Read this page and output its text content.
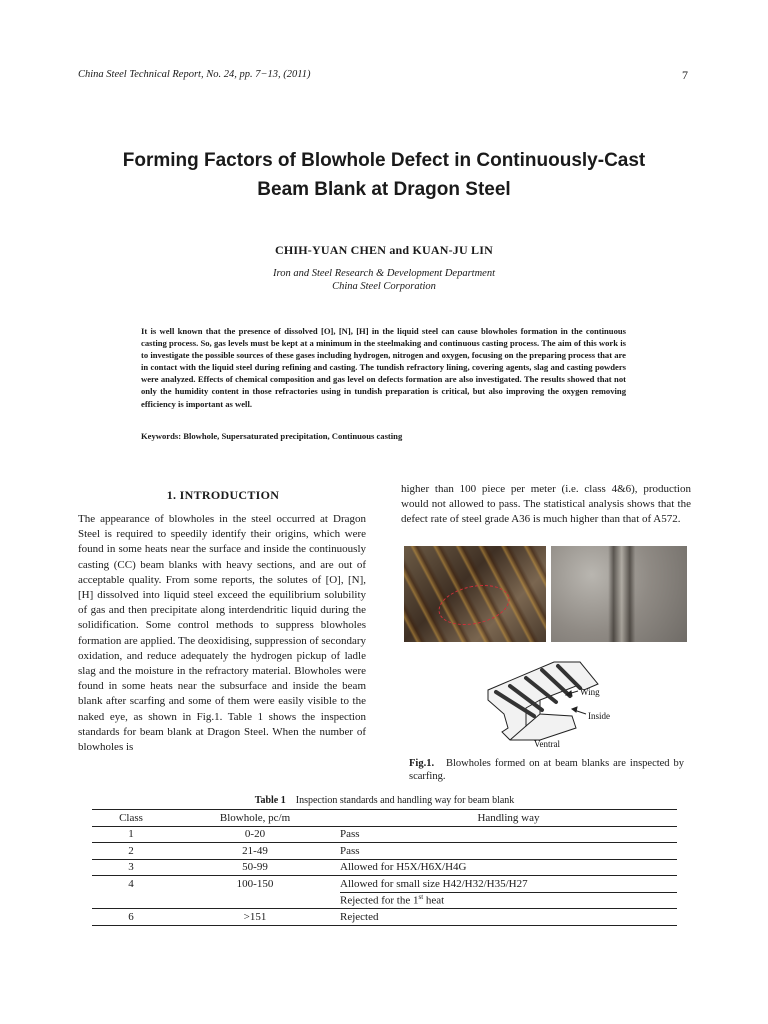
China Steel Technical Report, No. 24, pp. 7−13, (2011)	7
Forming Factors of Blowhole Defect in Continuously-Cast
Beam Blank at Dragon Steel
CHIH-YUAN CHEN and KUAN-JU LIN
Iron and Steel Research & Development Department
China Steel Corporation
It is well known that the presence of dissolved [O], [N], [H] in the liquid steel can cause blowholes formation in the continuous casting process. So, gas levels must be kept at a minimum in the steelmaking and continuous casting process. The aim of this work is to investigate the possible sources of these gases including hydrogen, nitrogen and oxygen, focusing on the preparing process that are in contact with the liquid steel during refining and casting. The tundish refractory lining, covering agents, slag and casting powders were analyzed. Effects of chemical composition and gas level on defects formation are also investigated. The results showed that not only the humidity content in those refractories using in tundish preparation is critical, but also improving the oxygen removing efficiency is important as well.
Keywords: Blowhole, Supersaturated precipitation, Continuous casting
1. INTRODUCTION
The appearance of blowholes in the steel occurred at Dragon Steel is required to speedily identify their origins, which were found in some heats near the surface and inside the continuously casting (CC) beam blanks with heavy sections, and are out of acceptable quality. From some reports, the solutes of [O], [N], [H] dissolved into liquid steel exceed the equilibrium solubility of gas and then precipitate along interdendritic liquid during the solidification. Some control methods to suppress blowholes formation are applied. The deoxidising, suppression of secondary oxidation, and reduce adequately the hydrogen pickup of ladle slag and the moisture in the refractory material. Blowholes were found in some heats near the subsurface and inside the beam blank after scarfing and some of them were easily visible to the naked eye, as shown in Fig.1. Table 1 shows the inspection standards for beam blank at Dragon Steel. When the number of blowholes is
higher than 100 piece per meter (i.e. class 4&6), production would not allowed to pass. The statistical analysis shows that the defect rate of steel grade A36 is much higher than that of A572.
Wing
Inside
Ventral
Fig.1. Blowholes formed on at beam blanks are inspected by scarfing.
Table 1 Inspection standards and handling way for beam blank
Class	Blowhole, pc/m	Handling way
1	0-20	Pass
2	21-49	Pass
3	50-99	Allowed for H5X/H6X/H4G
4	100-150	Allowed for small size H42/H32/H35/H27
		Rejected for the 1st heat
6	>151	Rejected
